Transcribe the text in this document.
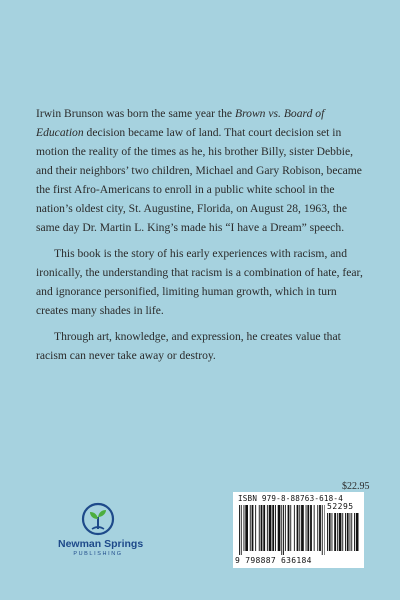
Irwin Brunson was born the same year the Brown vs. Board of Education decision became law of land. That court decision set in motion the reality of the times as he, his brother Billy, sister Debbie, and their neighbors’ two children, Michael and Gary Robison, became the first Afro-Americans to enroll in a public white school in the nation’s oldest city, St. Augustine, Florida, on August 28, 1963, the same day Dr. Martin L. King’s made his “I have a Dream” speech.

This book is the story of his early experiences with racism, and ironically, the understanding that racism is a combination of hate, fear, and ignorance personified, limiting human growth, which in turn creates many shades in life.

Through art, knowledge, and expression, he creates value that racism can never take away or destroy.

$22.95
ISBN 979-8-88763-618-4
52295
9 798887 636184
Newman Springs
PUBLISHING
